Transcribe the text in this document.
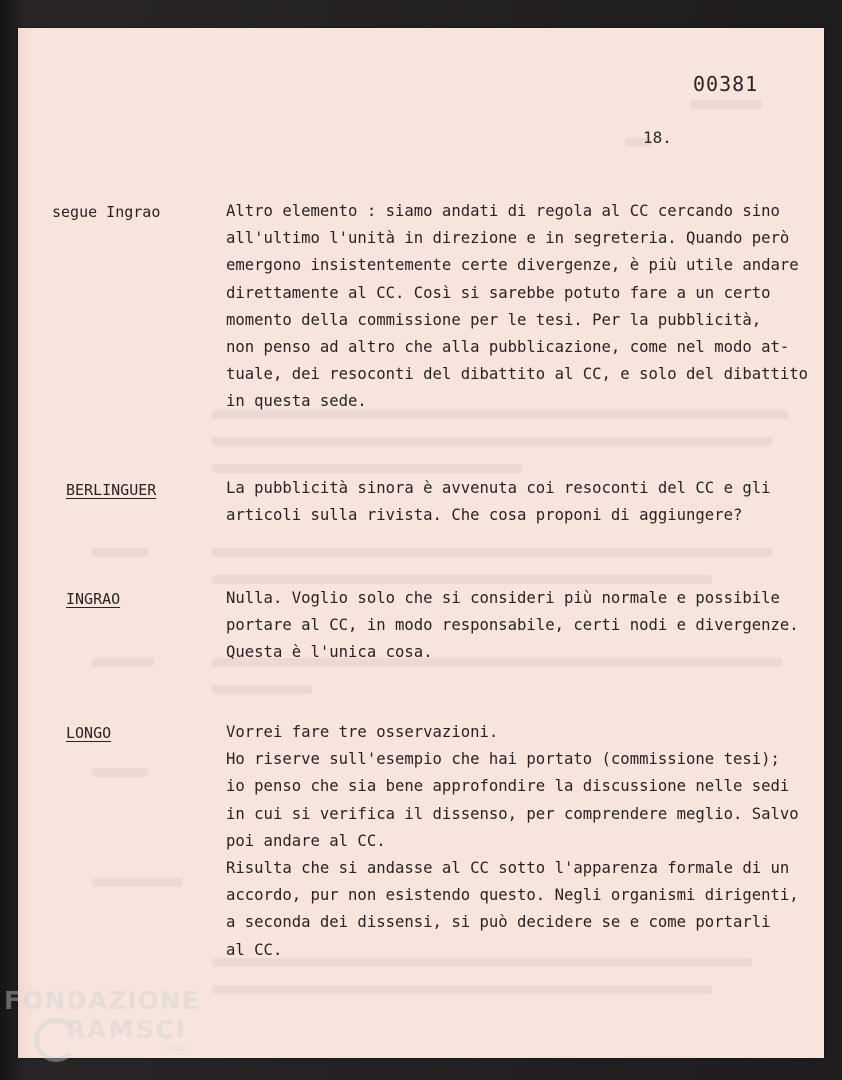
00381
18.
segue Ingrao	Altro elemento : siamo andati di regola al CC cercando sino
all'ultimo l'unità in direzione e in segreteria. Quando però
emergono insistentemente certe divergenze, è più utile andare
direttamente al CC. Così si sarebbe potuto fare a un certo
momento della commissione per le tesi. Per la pubblicità,
non penso ad altro che alla pubblicazione, come nel modo at-
tuale, dei resoconti del dibattito al CC, e solo del dibattito
in questa sede.
BERLINGUER	La pubblicità sinora è avvenuta coi resoconti del CC e gli
articoli sulla rivista. Che cosa proponi di aggiungere?
INGRAO	Nulla. Voglio solo che si consideri più normale e possibile
portare al CC, in modo responsabile, certi nodi e divergenze.
Questa è l'unica cosa.
LONGO	Vorrei fare tre osservazioni.
Ho riserve sull'esempio che hai portato (commissione tesi);
io penso che sia bene approfondire la discussione nelle sedi
in cui si verifica il dissenso, per comprendere meglio. Salvo
poi andare al CC.
Risulta che si andasse al CC sotto l'apparenza formale di un
accordo, pur non esistendo questo. Negli organismi dirigenti,
a seconda dei dissensi, si può decidere se e come portarli
al CC.
FONDAZIONE
RAMSCI
onlus
